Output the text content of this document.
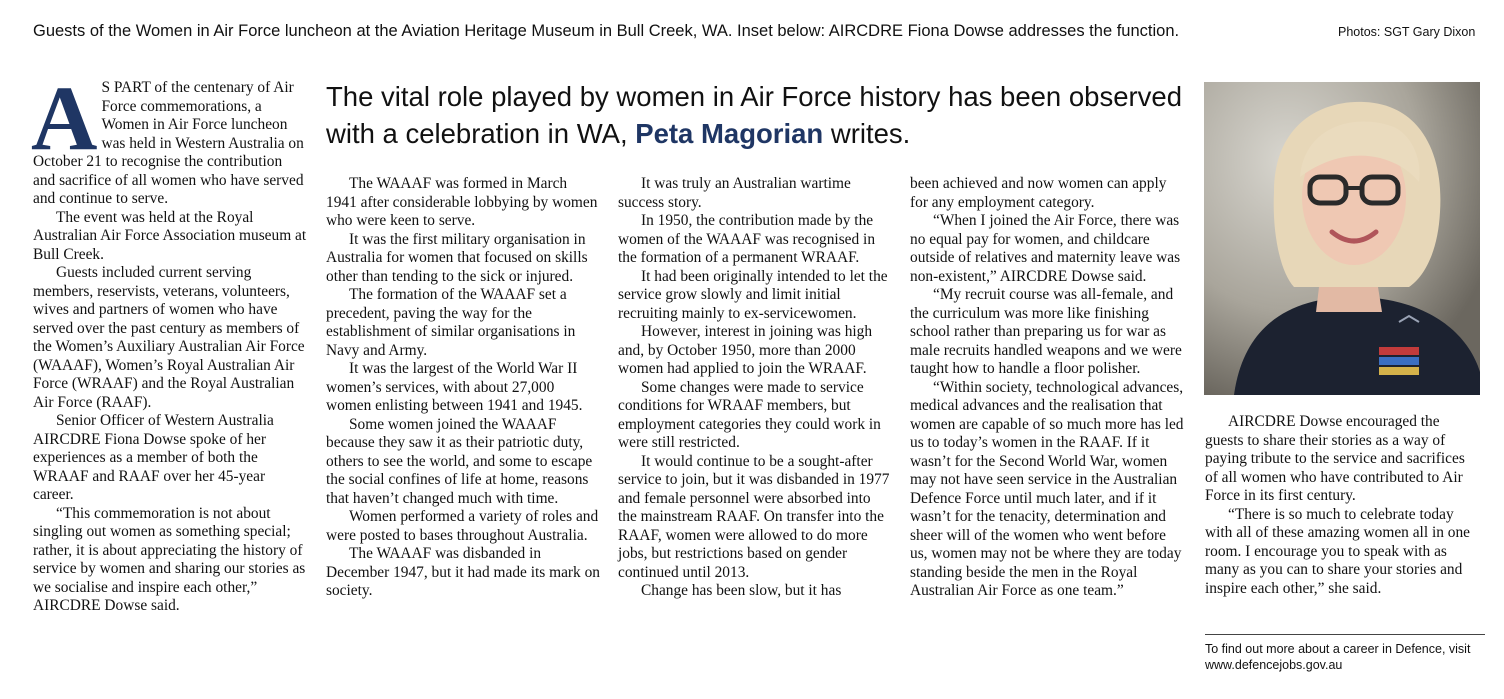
Guests of the Women in Air Force luncheon at the Aviation Heritage Museum in Bull Creek, WA. Inset below: AIRCDRE Fiona Dowse addresses the function.	Photos: SGT Gary Dixon
The vital role played by women in Air Force history has been observed with a celebration in WA, Peta Magorian writes.
A S PART of the centenary of Air Force commemorations, a Women in Air Force luncheon was held in Western Australia on October 21 to recognise the contribution and sacrifice of all women who have served and continue to serve.

The event was held at the Royal Australian Air Force Association museum at Bull Creek.

Guests included current serving members, reservists, veterans, volunteers, wives and partners of women who have served over the past century as members of the Women’s Auxiliary Australian Air Force (WAAAF), Women’s Royal Australian Air Force (WRAAF) and the Royal Australian Air Force (RAAF).

Senior Officer of Western Australia AIRCDRE Fiona Dowse spoke of her experiences as a member of both the WRAAF and RAAF over her 45-year career.

“This commemoration is not about singling out women as something special; rather, it is about appreciating the history of service by women and sharing our stories as we socialise and inspire each other,” AIRCDRE Dowse said.

The WAAAF was formed in March 1941 after considerable lobbying by women who were keen to serve.

It was the first military organisation in Australia for women that focused on skills other than tending to the sick or injured.

The formation of the WAAAF set a precedent, paving the way for the establishment of similar organisations in Navy and Army.

It was the largest of the World War II women’s services, with about 27,000 women enlisting between 1941 and 1945.

Some women joined the WAAAF because they saw it as their patriotic duty, others to see the world, and some to escape the social confines of life at home, reasons that haven’t changed much with time.

Women performed a variety of roles and were posted to bases throughout Australia.

The WAAAF was disbanded in December 1947, but it had made its mark on society.

It was truly an Australian wartime success story.

In 1950, the contribution made by the women of the WAAAF was recognised in the formation of a permanent WRAAF.

It had been originally intended to let the service grow slowly and limit initial recruiting mainly to ex-servicewomen.

However, interest in joining was high and, by October 1950, more than 2000 women had applied to join the WRAAF.

Some changes were made to service conditions for WRAAF members, but employment categories they could work in were still restricted.

It would continue to be a sought-after service to join, but it was disbanded in 1977 and female personnel were absorbed into the mainstream RAAF. On transfer into the RAAF, women were allowed to do more jobs, but restrictions based on gender continued until 2013.

Change has been slow, but it has

been achieved and now women can apply for any employment category.

“When I joined the Air Force, there was no equal pay for women, and childcare outside of relatives and maternity leave was non-existent,” AIRCDRE Dowse said.

“My recruit course was all-female, and the curriculum was more like finishing school rather than preparing us for war as male recruits handled weapons and we were taught how to handle a floor polisher.

“Within society, technological advances, medical advances and the realisation that women are capable of so much more has led us to today’s women in the RAAF. If it wasn’t for the Second World War, women may not have seen service in the Australian Defence Force until much later, and if it wasn’t for the tenacity, determination and sheer will of the women who went before us, women may not be where they are today standing beside the men in the Royal Australian Air Force as one team.”

AIRCDRE Dowse encouraged the guests to share their stories as a way of paying tribute to the service and sacrifices of all women who have contributed to Air Force in its first century.

“There is so much to celebrate today with all of these amazing women all in one room. I encourage you to speak with as many as you can to share your stories and inspire each other,” she said.

To find out more about a career in Defence, visit
www.defencejobs.gov.au
